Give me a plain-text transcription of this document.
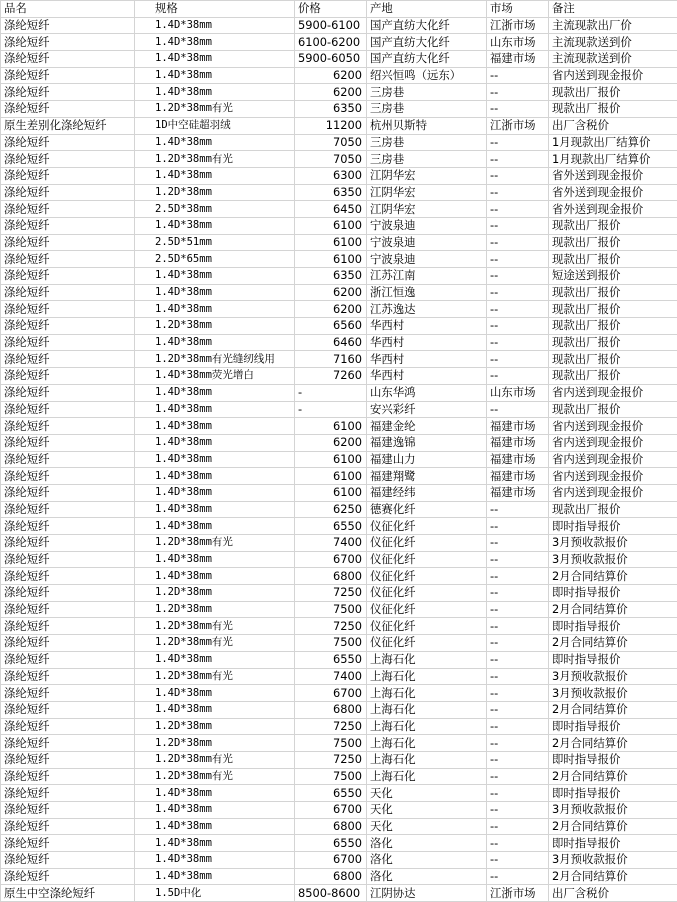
品名	规格	价格	产地	市场	备注
涤纶短纤	1.4D*38mm	5900-6100	国产直纺大化纤	江浙市场	主流现款出厂价
涤纶短纤	1.4D*38mm	6100-6200	国产直纺大化纤	山东市场	主流现款送到价
涤纶短纤	1.4D*38mm	5900-6050	国产直纺大化纤	福建市场	主流现款送到价
涤纶短纤	1.4D*38mm	6200	绍兴恒鸣（远东）	--	省内送到现金报价
涤纶短纤	1.4D*38mm	6200	三房巷	--	现款出厂报价
涤纶短纤	1.2D*38mm有光	6350	三房巷	--	现款出厂报价
原生差别化涤纶短纤	1D中空硅超羽绒	11200	杭州贝斯特	江浙市场	出厂含税价
涤纶短纤	1.4D*38mm	7050	三房巷	--	1月现款出厂结算价
涤纶短纤	1.2D*38mm有光	7050	三房巷	--	1月现款出厂结算价
涤纶短纤	1.4D*38mm	6300	江阴华宏	--	省外送到现金报价
涤纶短纤	1.2D*38mm	6350	江阴华宏	--	省外送到现金报价
涤纶短纤	2.5D*38mm	6450	江阴华宏	--	省外送到现金报价
涤纶短纤	1.4D*38mm	6100	宁波泉迪	--	现款出厂报价
涤纶短纤	2.5D*51mm	6100	宁波泉迪	--	现款出厂报价
涤纶短纤	2.5D*65mm	6100	宁波泉迪	--	现款出厂报价
涤纶短纤	1.4D*38mm	6350	江苏江南	--	短途送到报价
涤纶短纤	1.4D*38mm	6200	浙江恒逸	--	现款出厂报价
涤纶短纤	1.4D*38mm	6200	江苏逸达	--	现款出厂报价
涤纶短纤	1.2D*38mm	6560	华西村	--	现款出厂报价
涤纶短纤	1.4D*38mm	6460	华西村	--	现款出厂报价
涤纶短纤	1.2D*38mm有光缝纫线用	7160	华西村	--	现款出厂报价
涤纶短纤	1.4D*38mm荧光增白	7260	华西村	--	现款出厂报价
涤纶短纤	1.4D*38mm	-	山东华鸿	山东市场	省内送到现金报价
涤纶短纤	1.4D*38mm	-	安兴彩纤	--	现款出厂报价
涤纶短纤	1.4D*38mm	6100	福建金纶	福建市场	省内送到现金报价
涤纶短纤	1.4D*38mm	6200	福建逸锦	福建市场	省内送到现金报价
涤纶短纤	1.4D*38mm	6100	福建山力	福建市场	省内送到现金报价
涤纶短纤	1.4D*38mm	6100	福建翔鹭	福建市场	省内送到现金报价
涤纶短纤	1.4D*38mm	6100	福建经纬	福建市场	省内送到现金报价
涤纶短纤	1.4D*38mm	6250	德赛化纤	--	现款出厂报价
涤纶短纤	1.4D*38mm	6550	仪征化纤	--	即时指导报价
涤纶短纤	1.2D*38mm有光	7400	仪征化纤	--	3月预收款报价
涤纶短纤	1.4D*38mm	6700	仪征化纤	--	3月预收款报价
涤纶短纤	1.4D*38mm	6800	仪征化纤	--	2月合同结算价
涤纶短纤	1.2D*38mm	7250	仪征化纤	--	即时指导报价
涤纶短纤	1.2D*38mm	7500	仪征化纤	--	2月合同结算价
涤纶短纤	1.2D*38mm有光	7250	仪征化纤	--	即时指导报价
涤纶短纤	1.2D*38mm有光	7500	仪征化纤	--	2月合同结算价
涤纶短纤	1.4D*38mm	6550	上海石化	--	即时指导报价
涤纶短纤	1.2D*38mm有光	7400	上海石化	--	3月预收款报价
涤纶短纤	1.4D*38mm	6700	上海石化	--	3月预收款报价
涤纶短纤	1.4D*38mm	6800	上海石化	--	2月合同结算价
涤纶短纤	1.2D*38mm	7250	上海石化	--	即时指导报价
涤纶短纤	1.2D*38mm	7500	上海石化	--	2月合同结算价
涤纶短纤	1.2D*38mm有光	7250	上海石化	--	即时指导报价
涤纶短纤	1.2D*38mm有光	7500	上海石化	--	2月合同结算价
涤纶短纤	1.4D*38mm	6550	天化	--	即时指导报价
涤纶短纤	1.4D*38mm	6700	天化	--	3月预收款报价
涤纶短纤	1.4D*38mm	6800	天化	--	2月合同结算价
涤纶短纤	1.4D*38mm	6550	洛化	--	即时指导报价
涤纶短纤	1.4D*38mm	6700	洛化	--	3月预收款报价
涤纶短纤	1.4D*38mm	6800	洛化	--	2月合同结算价
原生中空涤纶短纤	1.5D中化	8500-8600	江阴协达	江浙市场	出厂含税价
